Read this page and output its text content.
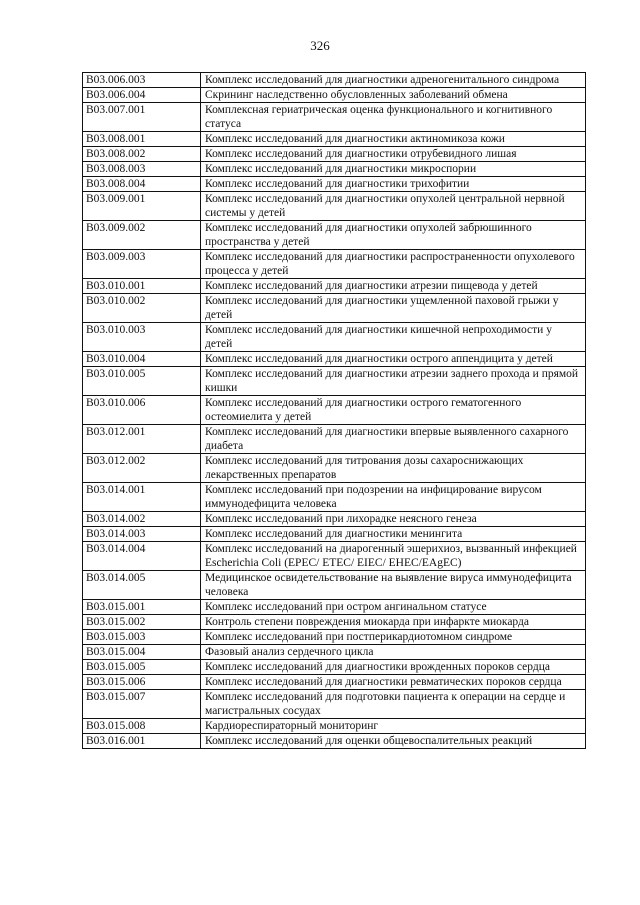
326
B03.006.003	Комплекс исследований для диагностики адреногенитального синдрома
B03.006.004	Скрининг наследственно обусловленных заболеваний обмена
B03.007.001	Комплексная гериатрическая оценка функционального и когнитивного статуса
B03.008.001	Комплекс исследований для диагностики актиномикоза кожи
B03.008.002	Комплекс исследований для диагностики отрубевидного лишая
B03.008.003	Комплекс исследований для диагностики микроспории
B03.008.004	Комплекс исследований для диагностики трихофитии
B03.009.001	Комплекс исследований для диагностики опухолей центральной нервной системы у детей
B03.009.002	Комплекс исследований для диагностики опухолей забрюшинного пространства у детей
B03.009.003	Комплекс исследований для диагностики распространенности опухолевого процесса у детей
B03.010.001	Комплекс исследований для диагностики атрезии пищевода у детей
B03.010.002	Комплекс исследований для диагностики ущемленной паховой грыжи у детей
B03.010.003	Комплекс исследований для диагностики кишечной непроходимости у детей
B03.010.004	Комплекс исследований для диагностики острого аппендицита у детей
B03.010.005	Комплекс исследований для диагностики атрезии заднего прохода и прямой кишки
B03.010.006	Комплекс исследований для диагностики острого гематогенного остеомиелита у детей
B03.012.001	Комплекс исследований для диагностики впервые выявленного сахарного диабета
B03.012.002	Комплекс исследований для титрования дозы сахароснижающих лекарственных препаратов
B03.014.001	Комплекс исследований при подозрении на инфицирование вирусом иммунодефицита человека
B03.014.002	Комплекс исследований при лихорадке неясного генеза
B03.014.003	Комплекс исследований для диагностики менингита
B03.014.004	Комплекс исследований на диарогенный эшерихиоз, вызванный инфекцией Escherichia Coli (EPEC/ ETEC/ EIEC/ EHEC/EAgEC)
B03.014.005	Медицинское освидетельствование на выявление вируса иммунодефицита человека
B03.015.001	Комплекс исследований при остром ангинальном статусе
B03.015.002	Контроль степени повреждения миокарда при инфаркте миокарда
B03.015.003	Комплекс исследований при постперикардиотомном синдроме
B03.015.004	Фазовый анализ сердечного цикла
B03.015.005	Комплекс исследований для диагностики врожденных пороков сердца
B03.015.006	Комплекс исследований для диагностики ревматических пороков сердца
B03.015.007	Комплекс исследований для подготовки пациента к операции на сердце и магистральных сосудах
B03.015.008	Кардиореспираторный мониторинг
B03.016.001	Комплекс исследований для оценки общевоспалительных реакций
